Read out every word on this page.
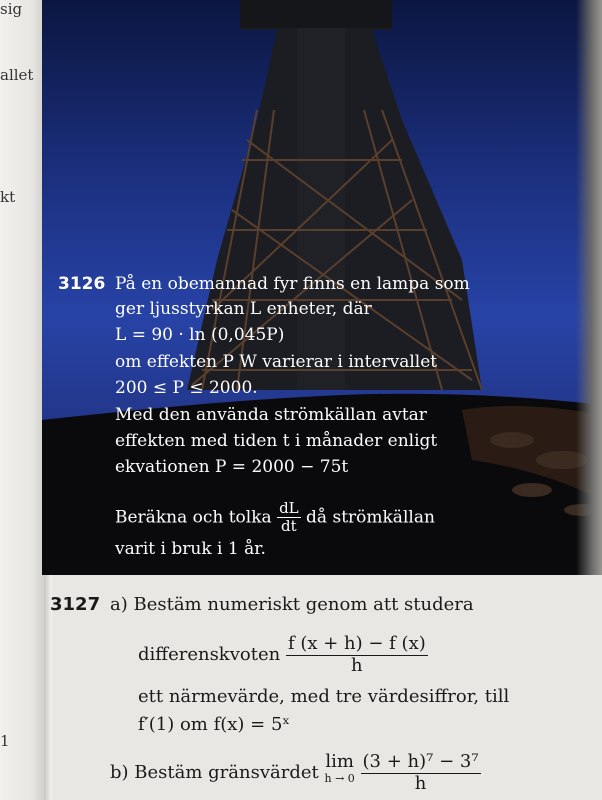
sig
allet
kt
1
3126 På en obemannad fyr finns en lampa som
ger ljusstyrkan L enheter, där
L = 90 · ln (0,045P)
om effekten P W varierar i intervallet
200 ≤ P ≤ 2000.
Med den använda strömkällan avtar
effekten med tiden t i månader enligt
ekvationen P = 2000 − 75t
Beräkna och tolka $\frac{dL}{dt}$ då strömkällan
varit i bruk i 1 år.
3127 a) Bestäm numeriskt genom att studera
differenskvoten $\frac{f (x + h) - f (x)}{h}$
ett närmevärde, med tre värdesiffror, till
f′(1) om f(x) = 5ˣ
b) Bestäm gränsvärdet
lim
h → 0
$\frac{\text{(3 + h)⁷ − 3⁷}}{h}$
